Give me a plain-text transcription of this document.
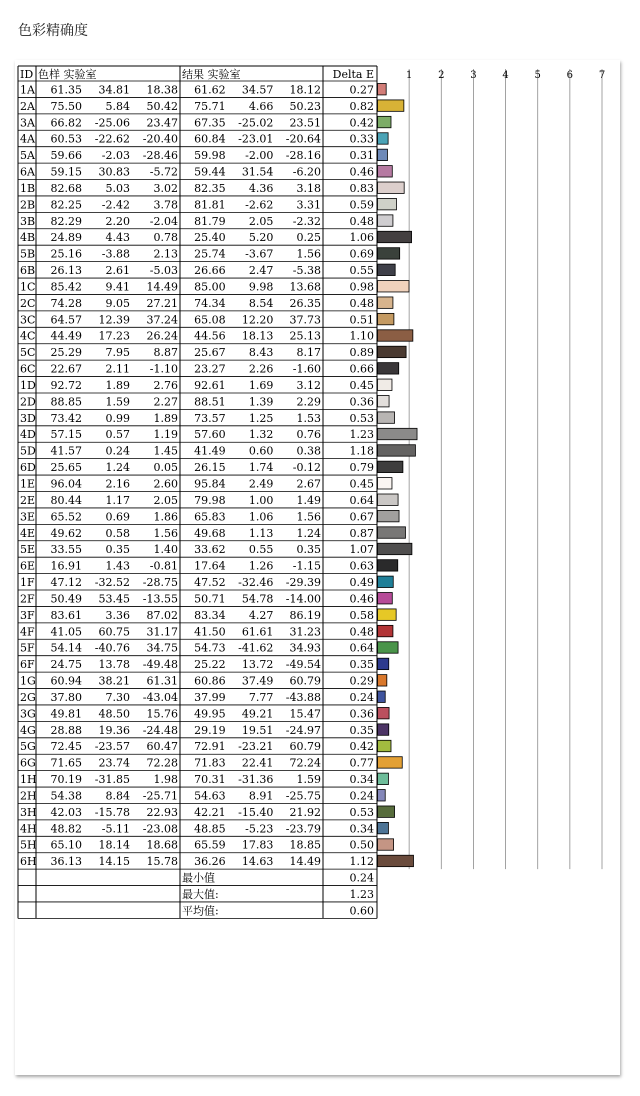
色彩精确度
1	2	3	4	5	6	7
ID 色样 实验室	结果 实验室	Delta E
1A 61.35 34.81 18.38 61.62 34.57 18.12	0.27
2A 75.50 5.84 50.42 75.71 4.66 50.23	0.82
3A 66.82 -25.06 23.47 67.35 -25.02 23.51	0.42
4A 60.53 -22.62 -20.40 60.84 -23.01 -20.64	0.33
5A 59.66 -2.03 -28.46 59.98 -2.00 -28.16	0.31
6A 59.15 30.83 -5.72 59.44 31.54 -6.20	0.46
1B 82.68 5.03 3.02 82.35 4.36 3.18	0.83
2B 82.25 -2.42 3.78 81.81 -2.62 3.31	0.59
3B 82.29 2.20 -2.04 81.79 2.05 -2.32	0.48
4B 24.89 4.43 0.78 25.40 5.20 0.25	1.06
5B 25.16 -3.88 2.13 25.74 -3.67 1.56	0.69
6B 26.13 2.61 -5.03 26.66 2.47 -5.38	0.55
1C 85.42 9.41 14.49 85.00 9.98 13.68	0.98
2C 74.28 9.05 27.21 74.34 8.54 26.35	0.48
3C 64.57 12.39 37.24 65.08 12.20 37.73	0.51
4C 44.49 17.23 26.24 44.56 18.13 25.13	1.10
5C 25.29 7.95 8.87 25.67 8.43 8.17	0.89
6C 22.67 2.11 -1.10 23.27 2.26 -1.60	0.66
1D 92.72 1.89 2.76 92.61 1.69 3.12	0.45
2D 88.85 1.59 2.27 88.51 1.39 2.29	0.36
3D 73.42 0.99 1.89 73.57 1.25 1.53	0.53
4D 57.15 0.57 1.19 57.60 1.32 0.76	1.23
5D 41.57 0.24 1.45 41.49 0.60 0.38	1.18
6D 25.65 1.24 0.05 26.15 1.74 -0.12	0.79
1E 96.04 2.16 2.60 95.84 2.49 2.67	0.45
2E 80.44 1.17 2.05 79.98 1.00 1.49	0.64
3E 65.52 0.69 1.86 65.83 1.06 1.56	0.67
4E 49.62 0.58 1.56 49.68 1.13 1.24	0.87
5E 33.55 0.35 1.40 33.62 0.55 0.35	1.07
6E 16.91 1.43 -0.81 17.64 1.26 -1.15	0.63
1F 47.12 -32.52 -28.75 47.52 -32.46 -29.39	0.49
2F 50.49 53.45 -13.55 50.71 54.78 -14.00	0.46
3F 83.61 3.36 87.02 83.34 4.27 86.19	0.58
4F 41.05 60.75 31.17 41.50 61.61 31.23	0.48
5F 54.14 -40.76 34.75 54.73 -41.62 34.93	0.64
6F 24.75 13.78 -49.48 25.22 13.72 -49.54	0.35
1G 60.94 38.21 61.31 60.86 37.49 60.79	0.29
2G 37.80 7.30 -43.04 37.99 7.77 -43.88	0.24
3G 49.81 48.50 15.76 49.95 49.21 15.47	0.36
4G 28.88 19.36 -24.48 29.19 19.51 -24.97	0.35
5G 72.45 -23.57 60.47 72.91 -23.21 60.79	0.42
6G 71.65 23.74 72.28 71.83 22.41 72.24	0.77
1H 70.19 -31.85 1.98 70.31 -31.36 1.59	0.34
2H 54.38 8.84 -25.71 54.63 8.91 -25.75	0.24
3H 42.03 -15.78 22.93 42.21 -15.40 21.92	0.53
4H 48.82 -5.11 -23.08 48.85 -5.23 -23.79	0.34
5H 65.10 18.14 18.68 65.59 17.83 18.85	0.50
6H 36.13 14.15 15.78 36.26 14.63 14.49	1.12
最小值	0.24
最大值:	1.23
平均值:	0.60
